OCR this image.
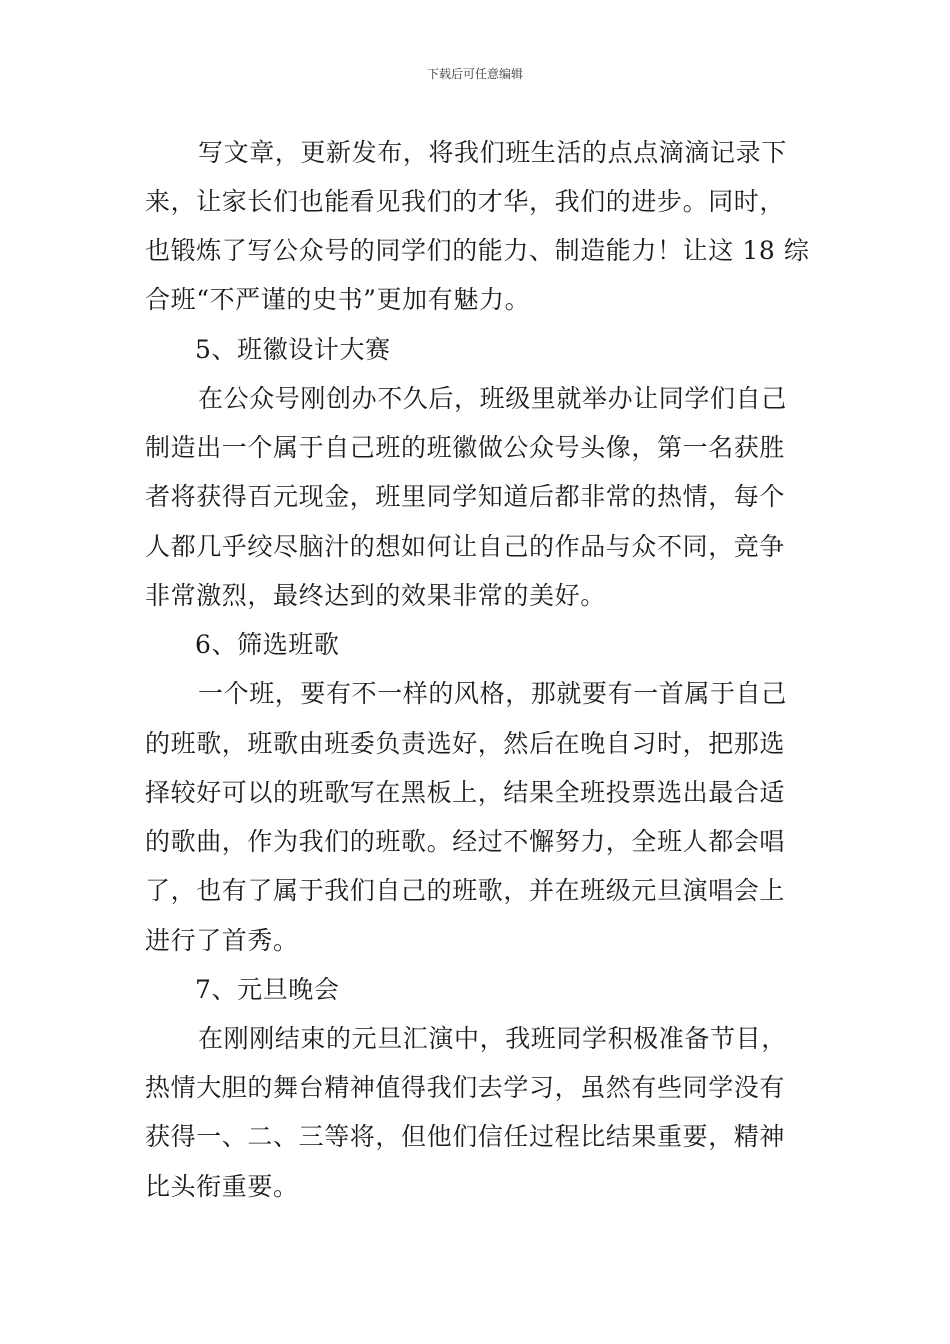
下载后可任意编辑
写文章，更新发布，将我们班生活的点点滴滴记录下
来，让家长们也能看见我们的才华，我们的进步。同时，
也锻炼了写公众号的同学们的能力、制造能力！让这 18 综
合班“不严谨的史书”更加有魅力。
5、班徽设计大赛
在公众号刚创办不久后，班级里就举办让同学们自己
制造出一个属于自己班的班徽做公众号头像，第一名获胜
者将获得百元现金，班里同学知道后都非常的热情，每个
人都几乎绞尽脑汁的想如何让自己的作品与众不同，竞争
非常激烈，最终达到的效果非常的美好。
6、筛选班歌
一个班，要有不一样的风格，那就要有一首属于自己
的班歌，班歌由班委负责选好，然后在晚自习时，把那选
择较好可以的班歌写在黑板上，结果全班投票选出最合适
的歌曲，作为我们的班歌。经过不懈努力，全班人都会唱
了，也有了属于我们自己的班歌，并在班级元旦演唱会上
进行了首秀。
7、元旦晚会
在刚刚结束的元旦汇演中，我班同学积极准备节目，
热情大胆的舞台精神值得我们去学习，虽然有些同学没有
获得一、二、三等将，但他们信任过程比结果重要，精神
比头衔重要。
